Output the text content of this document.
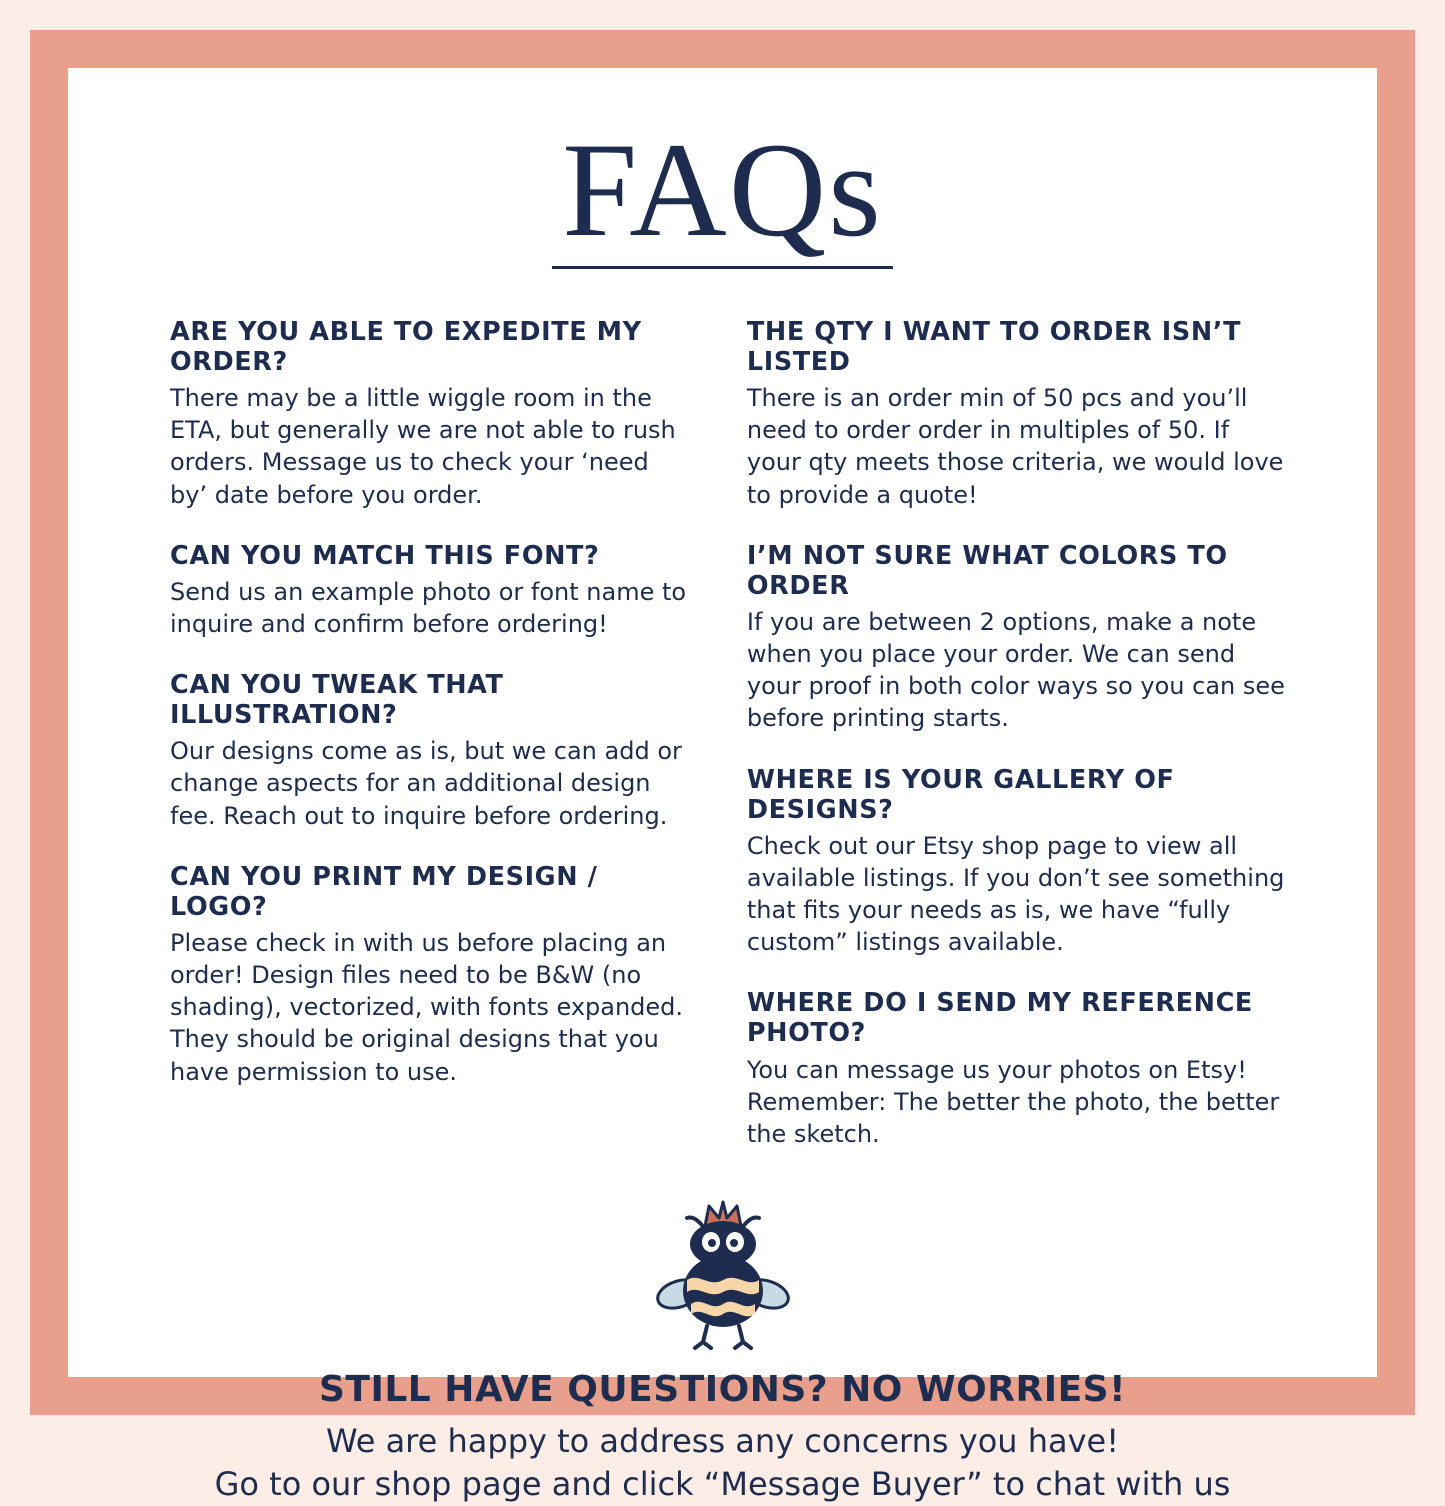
FAQs
ARE YOU ABLE TO EXPEDITE MY ORDER?
There may be a little wiggle room in the ETA, but generally we are not able to rush orders. Message us to check your ‘need by’ date before you order.
CAN YOU MATCH THIS FONT?
Send us an example photo or font name to inquire and confirm before ordering!
CAN YOU TWEAK THAT ILLUSTRATION?
Our designs come as is, but we can add or change aspects for an additional design fee. Reach out to inquire before ordering.
CAN YOU PRINT MY DESIGN / LOGO?
Please check in with us before placing an order! Design files need to be B&W (no shading), vectorized, with fonts expanded. They should be original designs that you have permission to use.
THE QTY I WANT TO ORDER ISN’T LISTED
There is an order min of 50 pcs and you’ll need to order order in multiples of 50. If your qty meets those criteria, we would love to provide a quote!
I’M NOT SURE WHAT COLORS TO ORDER
If you are between 2 options, make a note when you place your order. We can send your proof in both color ways so you can see before printing starts.
WHERE IS YOUR GALLERY OF DESIGNS?
Check out our Etsy shop page to view all available listings. If you don’t see something that fits your needs as is, we have “fully custom” listings available.
WHERE DO I SEND MY REFERENCE PHOTO?
You can message us your photos on Etsy! Remember: The better the photo, the better the sketch.
STILL HAVE QUESTIONS? NO WORRIES!
We are happy to address any concerns you have!
Go to our shop page and click “Message Buyer” to chat with us
